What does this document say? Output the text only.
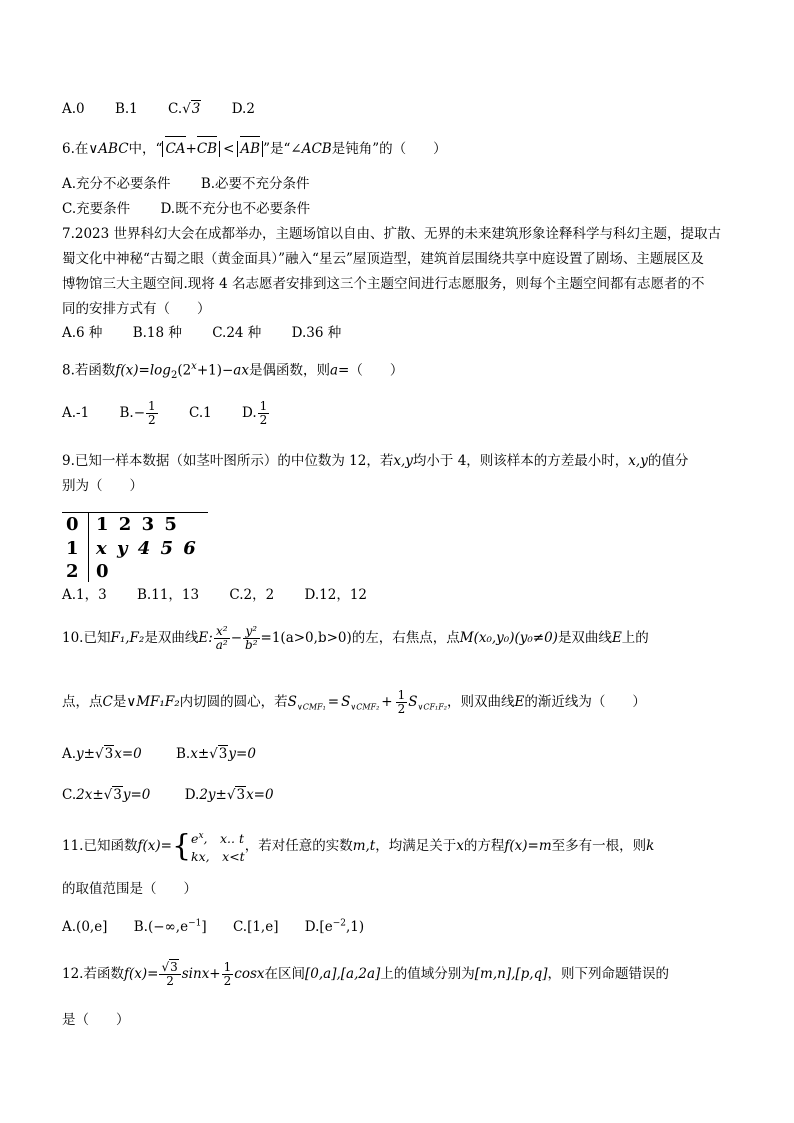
A.0 B.1 C.√3 D.2
6.在∨ABC中，“ CA+CB < AB ”是“∠ACB是钝角”的（　　）
A.充分不必要条件 B.必要不充分条件
C.充要条件 D.既不充分也不必要条件
7.2023 世界科幻大会在成都举办，主题场馆以自由、扩散、无界的未来建筑形象诠释科学与科幻主题，提取古
蜀文化中神秘“古蜀之眼（黄金面具）”融入“星云”屋顶造型，建筑首层围绕共享中庭设置了剧场、主题展区及
博物馆三大主题空间.现将 4 名志愿者安排到这三个主题空间进行志愿服务，则每个主题空间都有志愿者的不
同的安排方式有（　　）
A.6 种 B.18 种 C.24 种 D.36 种
8.若函数$f(x)=\log_2(2^x+1)-ax$是偶函数，则a=（　　）
A.-1 $B.- \frac{1}{2} C.1$ D. $\frac{1}{2}$
9.已知一样本数据（如茎叶图所示）的中位数为 12，若x,y均小于 4，则该样本的方差最小时，x,y的值分
别为（　　）
0 1 2 3 5
1 x y 4 5 6
2 0
A.1，3 B.11，13 C.2，2 D.12，12
10.已知F₁,F₂是双曲线E: $\frac{\text{x²}}{\text{a²}} - \frac{\text{y²}}{\text{b²}} =1(a>0,b>0)$的左，右焦点，点M(x₀,y₀)(y₀≠0)是双曲线E上的
点，点C是∨MF₁F₂内切圆的圆心，若$S_{\vee CMF_1} = S_{\vee CMF_2} + \frac{1}{2} S_{\vee CF_1F_2}$，则双曲线E的渐近线为（　　）
A.y±√3x=0	B.x±√3y=0
C.2x±√3y=0	D.2y±√3x=0
11.已知函数$f(x)=\{e^x$,　x.. t
kx,　x<t，若对任意的实数m,t，均满足关于x的方程f(x)=m至多有一根，则k
的取值范围是（　　）
A.(0,e] $B.(-\infty,e^{-1}]$ C.[1,e] $D.[e^{-2},1)$
12.若函数$f(x)= \frac{√3}{2} \sin x+ \frac{1}{2}$ cosx在区间[0,a],[a,2a]上的值域分别为[m,n],[p,q]，则下列命题错误的
是（　　）
